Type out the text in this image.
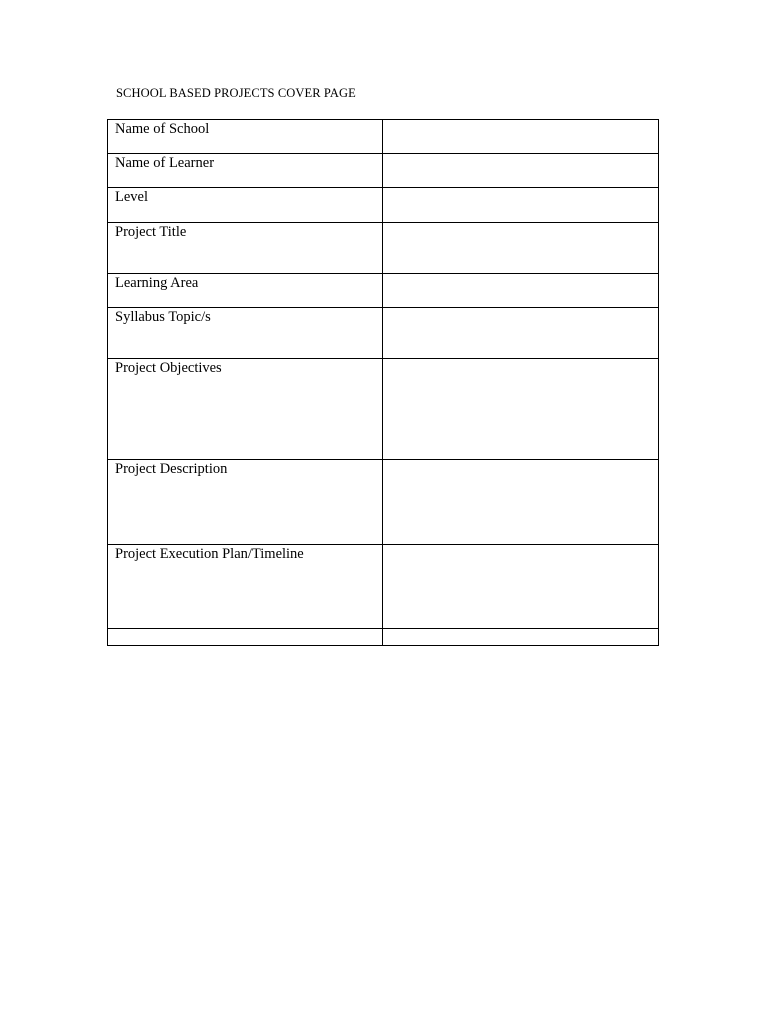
SCHOOL BASED PROJECTS COVER PAGE
Name of School	

Name of Learner	

Level	

Project Title	

Learning Area	

Syllabus Topic/s	

Project Objectives	

Project Description	

Project Execution Plan/Timeline	
